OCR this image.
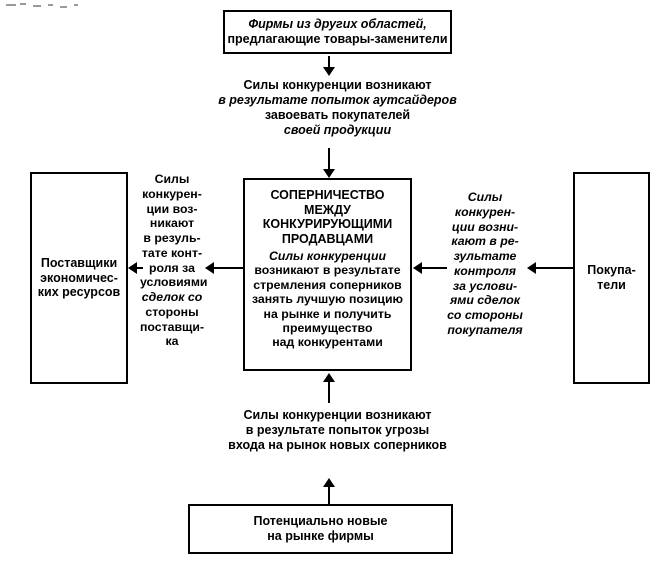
Фирмы из других областей,
предлагающие товары-заменители
Силы конкуренции возникают
в результате попыток аутсайдеров
завоевать покупателей
своей продукции
Поставщики
экономичес-
ких ресурсов
Силы
конкурен-
ции воз-
никают
в резуль-
тате конт-
роля за
условиями
сделок со
стороны
поставщи-
ка
СОПЕРНИЧЕСТВО
МЕЖДУ
КОНКУРИРУЮЩИМИ
ПРОДАВЦАМИ
Силы конкуренции
возникают в результате
стремления соперников
занять лучшую позицию
на рынке и получить
преимущество
над конкурентами
Силы
конкурен-
ции возни-
кают в ре-
зультате
контроля
за услови-
ями сделок
со стороны
покупателя
Покупа-
тели
Силы конкуренции возникают
в результате попыток угрозы
входа на рынок новых соперников
Потенциально новые
на рынке фирмы
